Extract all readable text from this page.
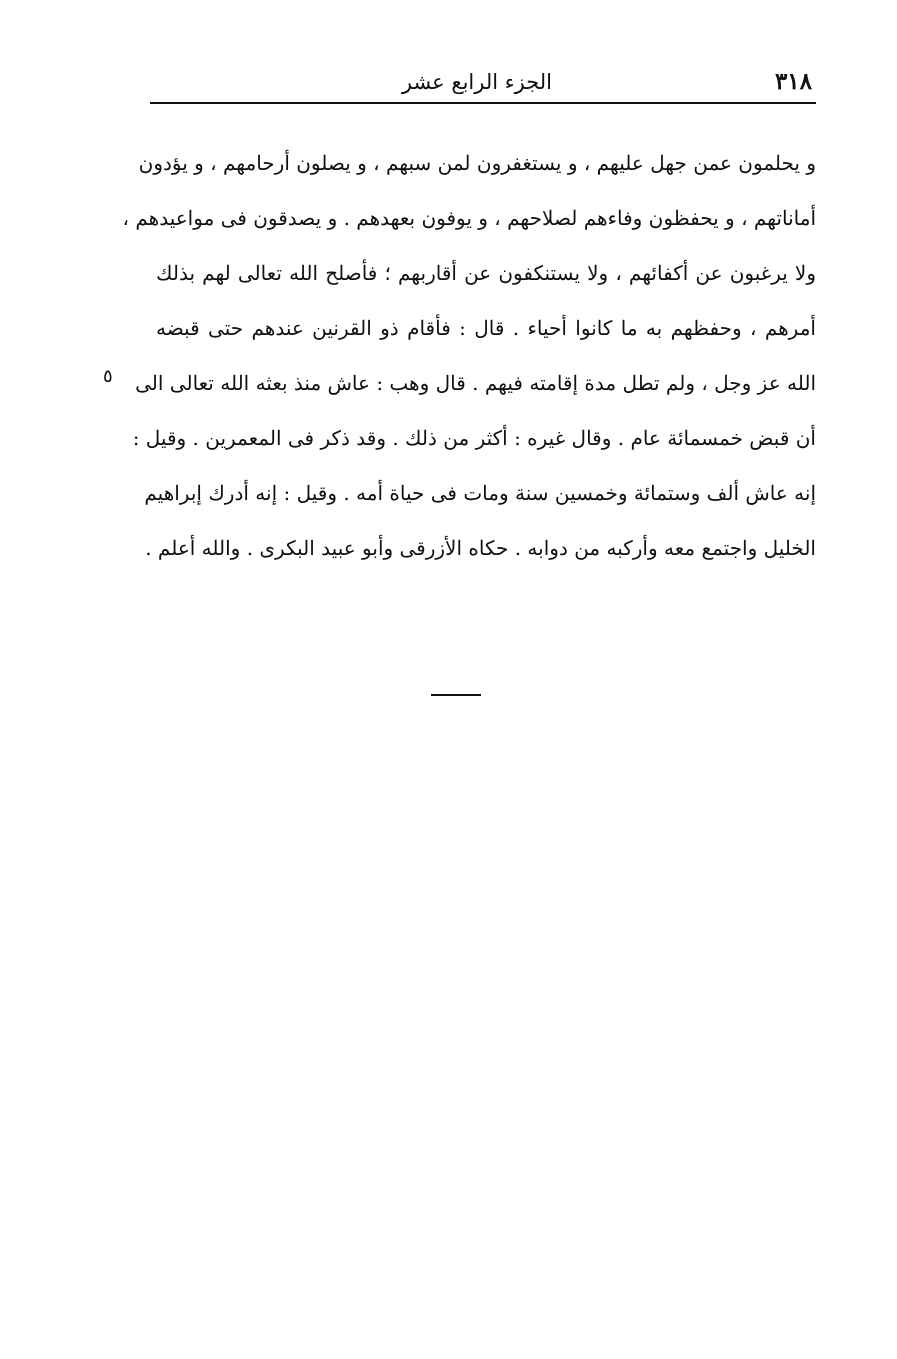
٣١٨
الجزء الرابع عشر
و يحلمون عمن جهل عليهم ، و يستغفرون لمن سبهم ، و يصلون أرحامهم ، و يؤدون
أماناتهم ، و يحفظون وفاءهم لصلاحهم ، و يوفون بعهدهم . و يصدقون فى مواعيدهم ،
ولا يرغبون عن أكفائهم ، ولا يستنكفون عن أقاربهم ؛ فأصلح الله تعالى لهم بذلك
أمرهم ، وحفظهم به ما كانوا أحياء . قال : فأقام ذو القرنين عندهم حتى قبضه
الله عز وجل ، ولم تطل مدة إقامته فيهم . قال وهب : عاش منذ بعثه الله تعالى الى
أن قبض خمسمائة عام . وقال غيره : أكثر من ذلك . وقد ذكر فى المعمرين . وقيل :
إنه عاش ألف وستمائة وخمسين سنة ومات فى حياة أمه . وقيل : إنه أدرك إبراهيم
الخليل واجتمع معه وأركبه من دوابه . حكاه الأزرقى وأبو عبيد البكرى . والله أعلم .
٥
